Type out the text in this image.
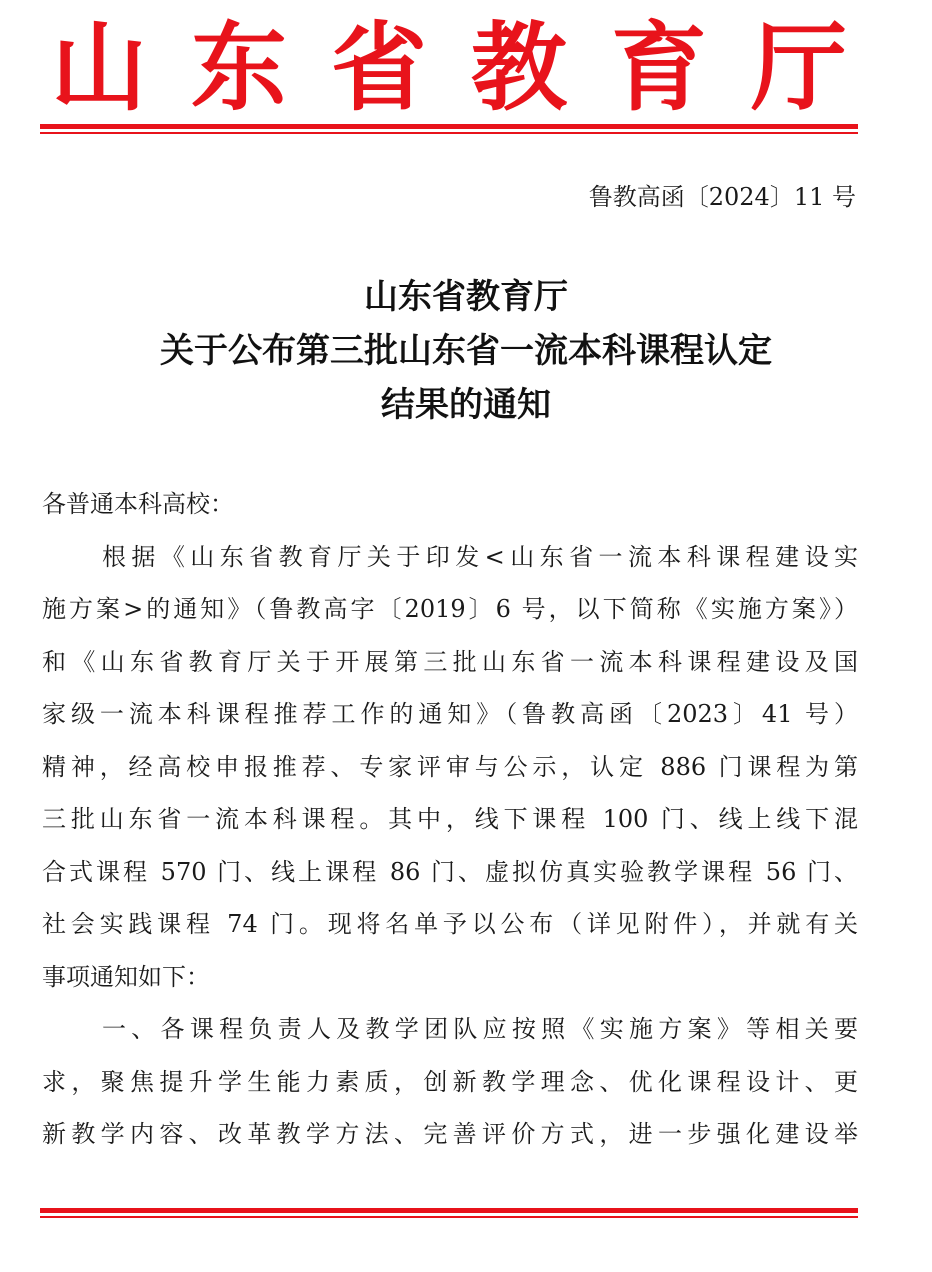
山 东 省 教 育 厅
鲁教高函〔2024〕11 号
山东省教育厅
关于公布第三批山东省一流本科课程认定
结果的通知
各普通本科高校：
根据《山东省教育厅关于印发<山东省一流本科课程建设实
施方案>的通知》（鲁教高字〔2019〕6 号，以下简称《实施方案》）
和《山东省教育厅关于开展第三批山东省一流本科课程建设及国
家级一流本科课程推荐工作的通知》（鲁教高函〔2023〕41 号）
精神，经高校申报推荐、专家评审与公示，认定 886 门课程为第
三批山东省一流本科课程。其中，线下课程 100 门、线上线下混
合式课程 570 门、线上课程 86 门、虚拟仿真实验教学课程 56 门、
社会实践课程 74 门。现将名单予以公布（详见附件），并就有关
事项通知如下：
一、各课程负责人及教学团队应按照《实施方案》等相关要
求，聚焦提升学生能力素质，创新教学理念、优化课程设计、更
新教学内容、改革教学方法、完善评价方式，进一步强化建设举
